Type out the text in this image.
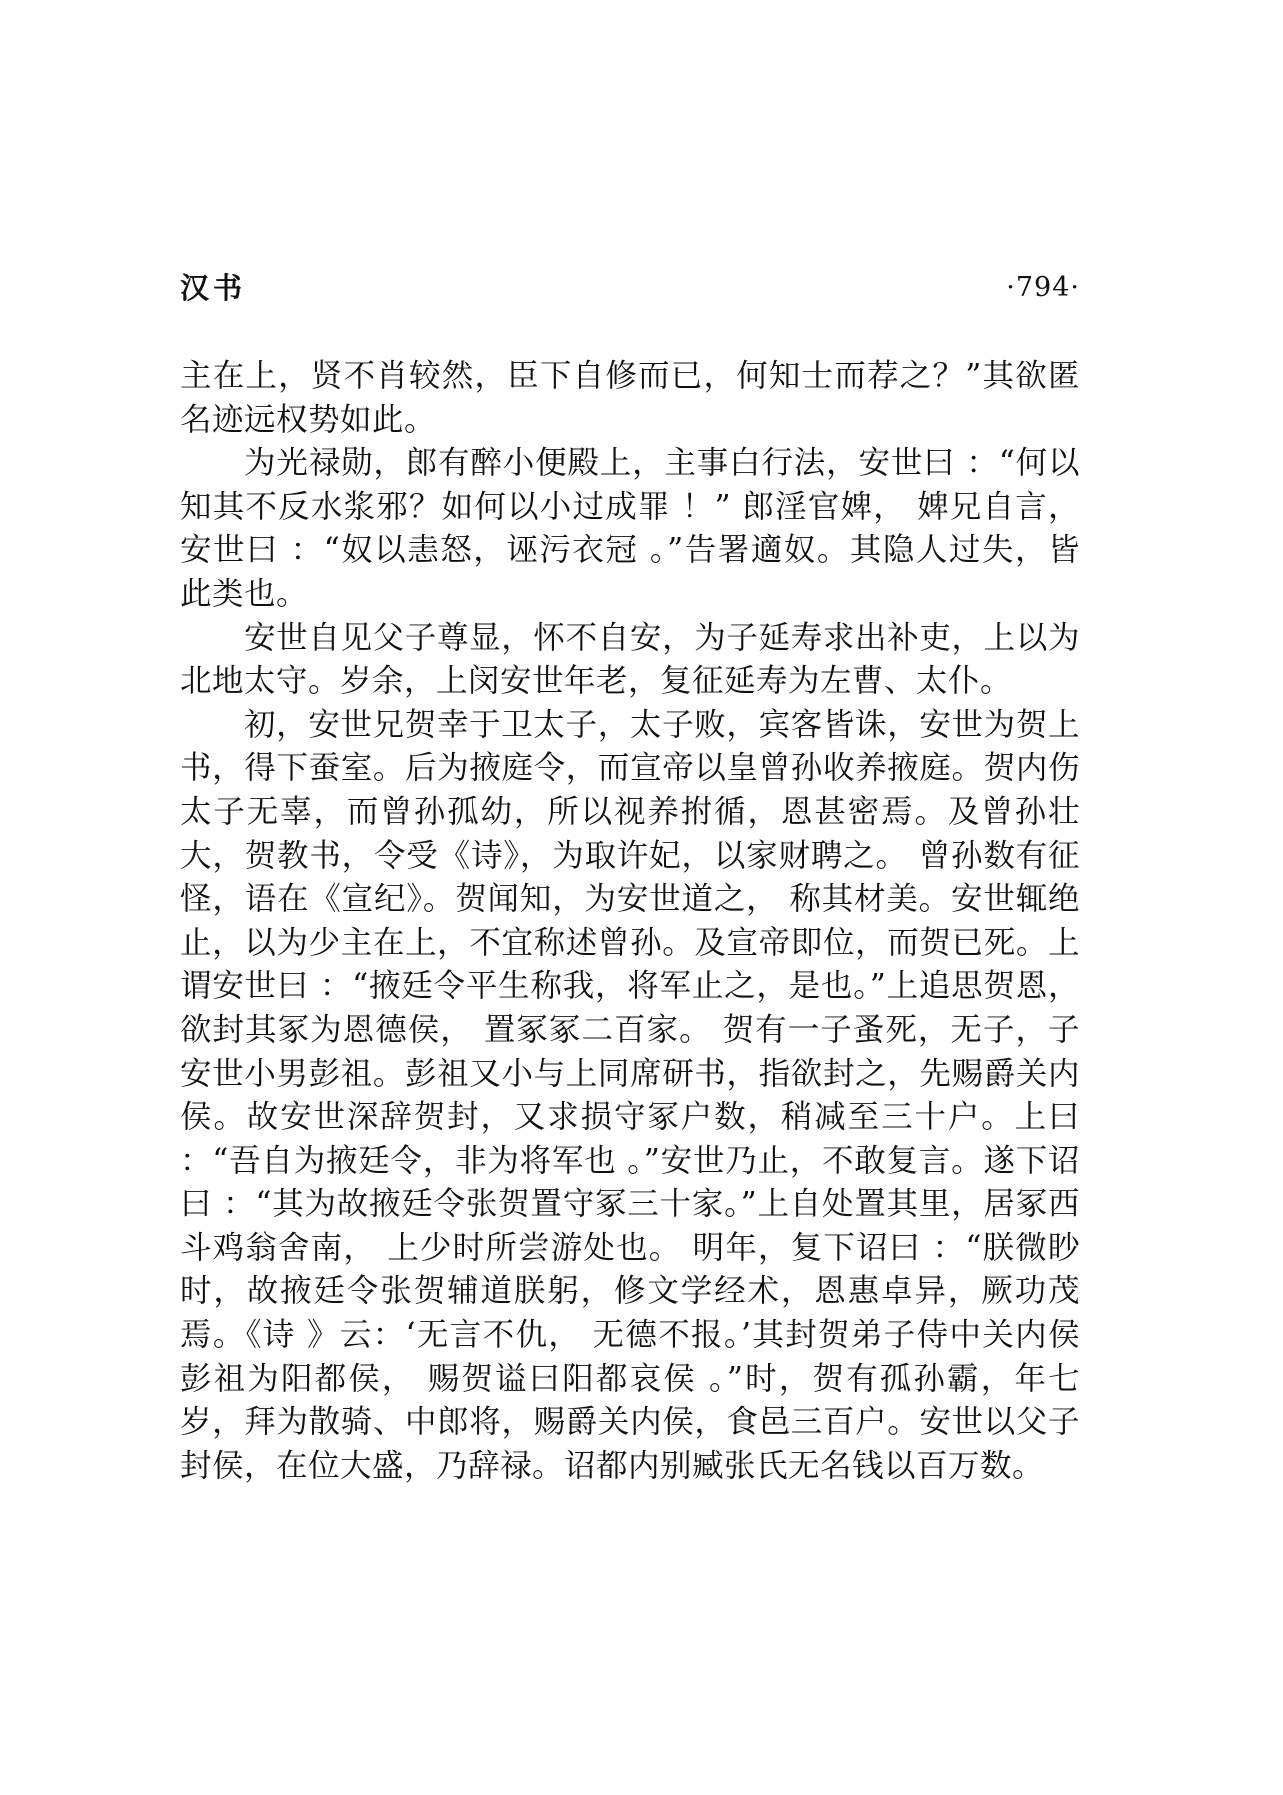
汉书	·794·

主在上，贤不肖较然，臣下自修而已，何知士而荐之？”其欲匿名迹远权势如此。

为光禄勋，郎有醉小便殿上，主事白行法，安世曰 ：“何以知其不反水浆邪？如何以小过成罪 ！” 郎淫官婢， 婢兄自言，安世曰 ：“奴以恚怒，诬污衣冠 。”告署適奴。其隐人过失，皆此类也。

安世自见父子尊显，怀不自安，为子延寿求出补吏，上以为北地太守。岁余，上闵安世年老，复征延寿为左曹、太仆。

初，安世兄贺幸于卫太子，太子败，宾客皆诛，安世为贺上书，得下蚕室。后为掖庭令，而宣帝以皇曾孙收养掖庭。贺内伤太子无辜，而曾孙孤幼，所以视养拊循，恩甚密焉。及曾孙壮大，贺教书，令受《诗》，为取许妃，以家财聘之。 曾孙数有征怪，语在《宣纪》。贺闻知，为安世道之， 称其材美。安世辄绝止，以为少主在上，不宜称述曾孙。及宣帝即位，而贺已死。上谓安世曰 ：“掖廷令平生称我，将军止之，是也。”上追思贺恩，欲封其冢为恩德侯， 置冢冢二百家。 贺有一子蚤死，无子，子安世小男彭祖。彭祖又小与上同席研书，指欲封之，先赐爵关内侯。故安世深辞贺封，又求损守冢户数，稍减至三十户。上曰 ：“吾自为掖廷令，非为将军也 。”安世乃止，不敢复言。遂下诏曰 ：“其为故掖廷令张贺置守冢三十家。”上自处置其里，居冢西斗鸡翁舍南， 上少时所尝游处也。 明年，复下诏曰 ：“朕微眇时，故掖廷令张贺辅道朕躬，修文学经术，恩惠卓异，厥功茂焉。《诗 》云：‘无言不仇， 无德不报。’其封贺弟子侍中关内侯彭祖为阳都侯， 赐贺谥曰阳都哀侯 。”时，贺有孤孙霸，年七岁，拜为散骑、中郎将，赐爵关内侯，食邑三百户。安世以父子封侯，在位大盛，乃辞禄。诏都内别臧张氏无名钱以百万数。
